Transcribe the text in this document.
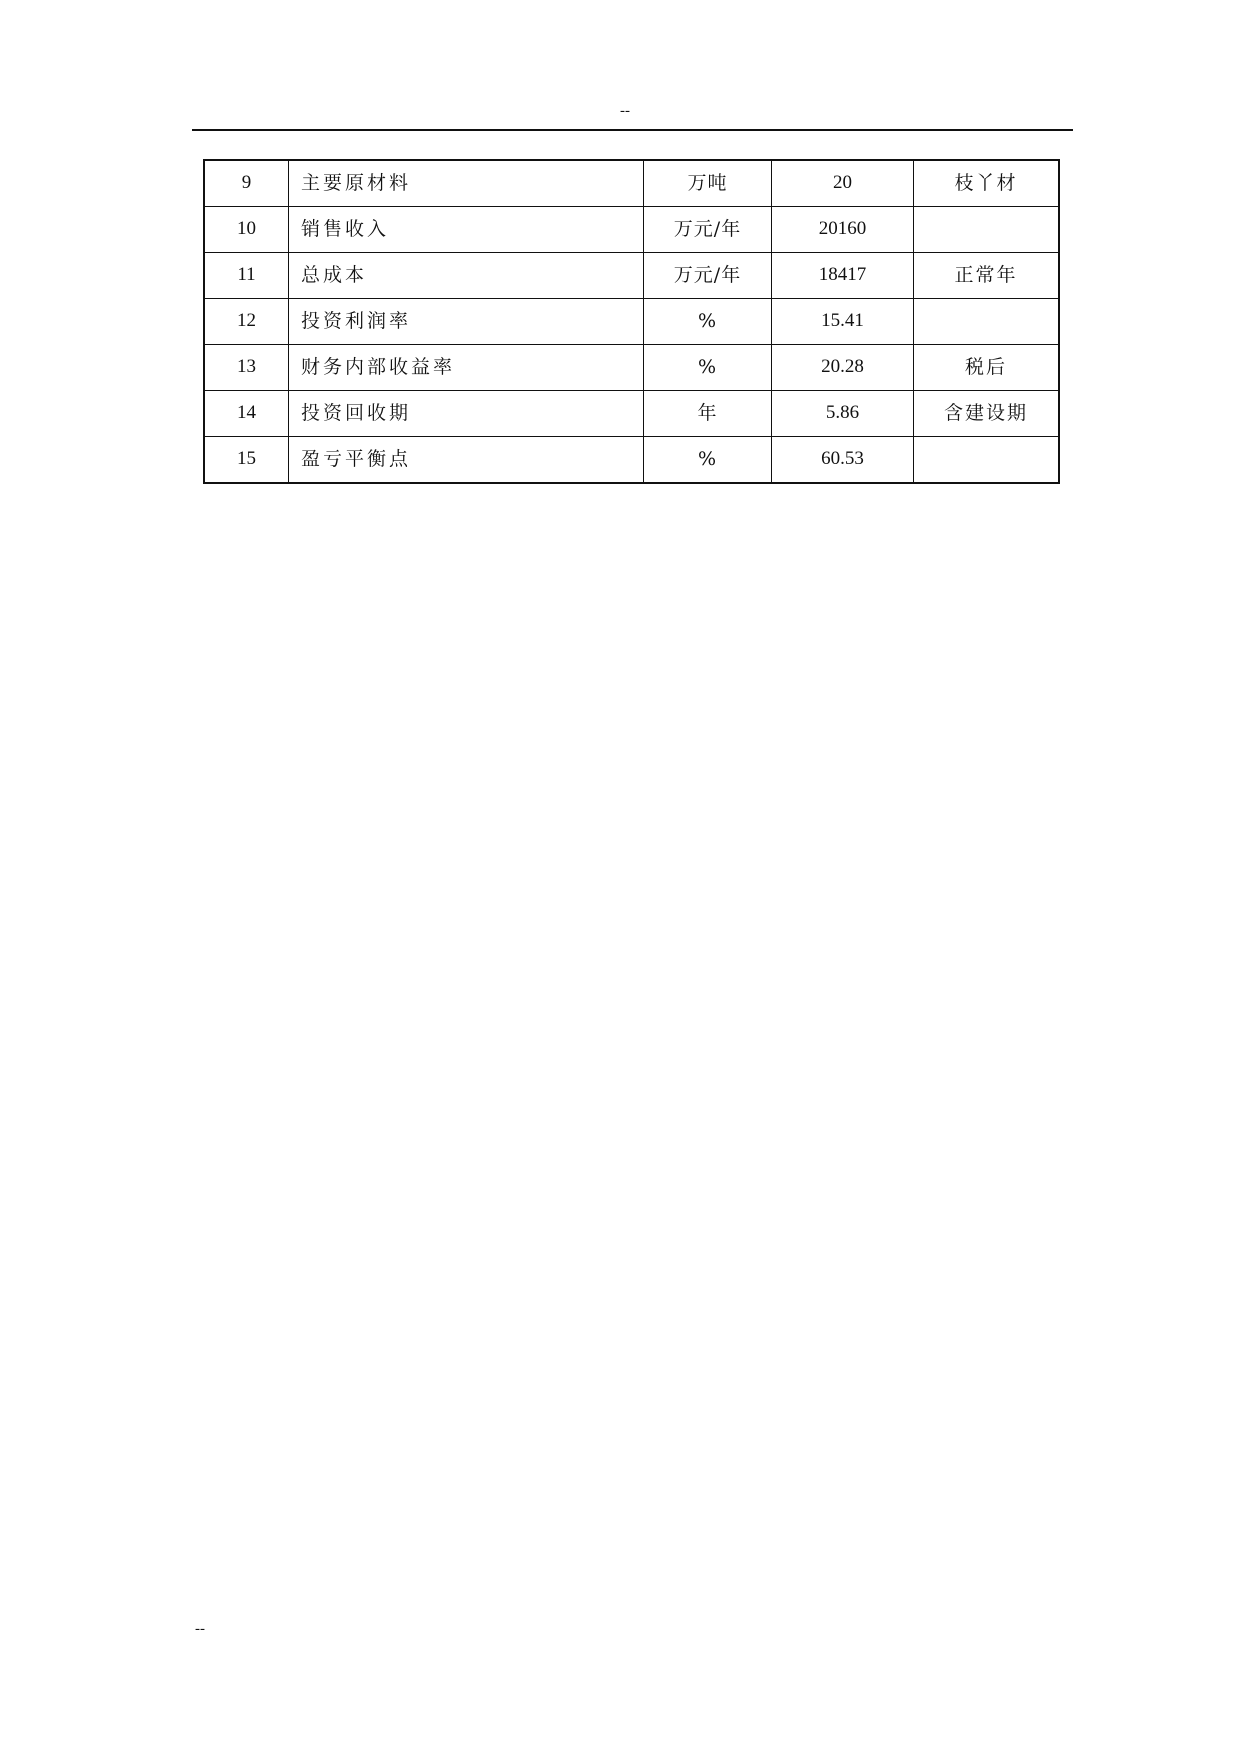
--
9	主要原材料	万吨	20	枝丫材
10	销售收入	万元/年	20160	
11	总成本	万元/年	18417	正常年
12	投资利润率	%	15.41	
13	财务内部收益率	%	20.28	税后
14	投资回收期	年	5.86	含建设期
15	盈亏平衡点	%	60.53	
--
